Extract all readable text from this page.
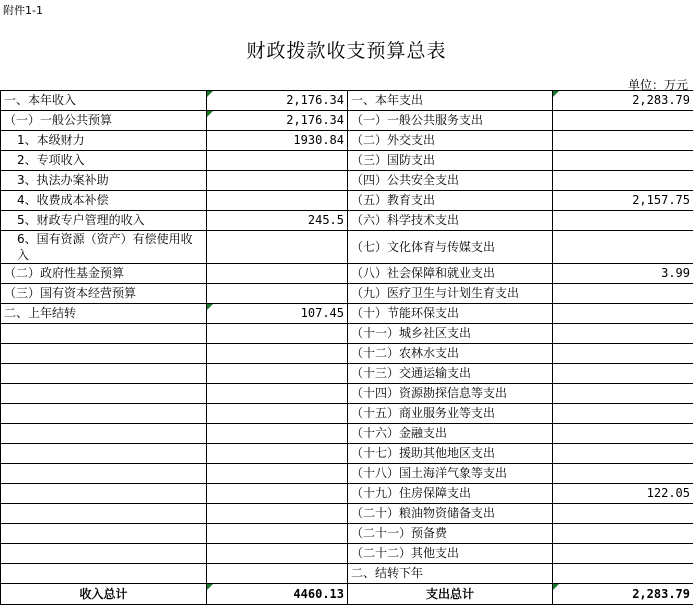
附件1-1
财政拨款收支预算总表
单位：万元
一、本年收入	2,176.34	一、本年支出	2,283.79
（一）一般公共预算	2,176.34	（一）一般公共服务支出	
1、本级财力	1930.84	（二）外交支出	
2、专项收入		（三）国防支出	
3、执法办案补助		（四）公共安全支出	
4、收费成本补偿		（五）教育支出	2,157.75
5、财政专户管理的收入	245.5	（六）科学技术支出	
6、国有资源（资产）有偿使用收入		（七）文化体育与传媒支出	
（二）政府性基金预算		（八）社会保障和就业支出	3.99
（三）国有资本经营预算		（九）医疗卫生与计划生育支出	
二、上年结转	107.45	（十）节能环保支出	
		（十一）城乡社区支出	
		（十二）农林水支出	
		（十三）交通运输支出	
		（十四）资源勘探信息等支出	
		（十五）商业服务业等支出	
		（十六）金融支出	
		（十七）援助其他地区支出	
		（十八）国土海洋气象等支出	
		（十九）住房保障支出	122.05
		（二十）粮油物资储备支出	
		（二十一）预备费	
		（二十二）其他支出	
		二、结转下年	
收入总计	4460.13	支出总计	2,283.79
